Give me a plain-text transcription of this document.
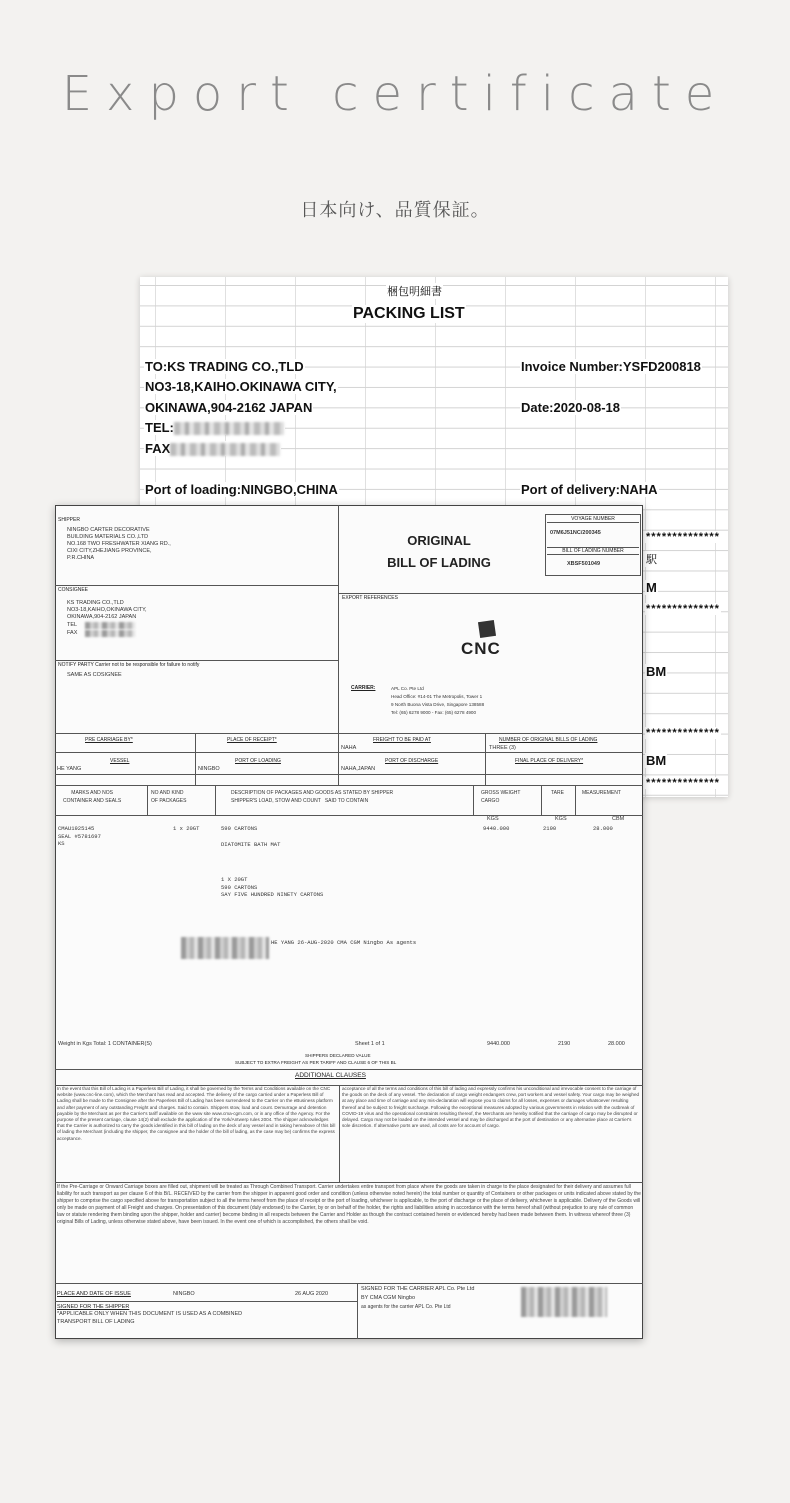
Export certificate
日本向け、品質保証。
梱包明細書
PACKING LIST
TO:KS TRADING CO.,TLD
NO3-18,KAIHO.OKINAWA CITY,
OKINAWA,904-2162 JAPAN
TEL:
FAX
Invoice Number:YSFD200818
Date:2020-08-18
Port of loading:NINGBO,CHINA	Port of delivery:NAHA
**************
駅
M
**************
BM
**************
BM
**************
SHIPPER
NINGBO CARTER DECORATIVE
BUILDING MATERIALS CO.,LTD
NO.168 TWO FRESHWATER XIANG RD.,
CIXI CITY,ZHEJIANG PROVINCE,
P.R.CHINA
ORIGINAL
BILL OF LADING
VOYAGE NUMBER
07M6J51NC/200345
BILL OF LADING NUMBER
XBSF501049
CONSIGNEE
KS TRADING CO.,TLD
NO3-18,KAIHO,OKINAWA CITY,
OKINAWA,904-2162 JAPAN
TEL
FAX
EXPORT REFERENCES
CNC
NOTIFY PARTY Carrier not to be responsible for failure to notify
SAME AS COSIGNEE
CARRIER:	APL Co. Pte Ltd
Head Office: #14-01 The Metropolis, Tower 1
9 North Buona Vista Drive, Singapore 138588
Tel: (65) 6278 9000 - Fax: (65) 6278 4900
PRE CARRIAGE BY*	PLACE OF RECEIPT*	FREIGHT TO BE PAID AT	NUMBER OF ORIGINAL BILLS OF LADING
NAHA	THREE (3)
VESSEL	PORT OF LOADING	PORT OF DISCHARGE	FINAL PLACE OF DELIVERY*
HE YANG	NINGBO	NAHA,JAPAN
MARKS AND NOS
CONTAINER AND SEALS
NO AND KIND
OF PACKAGES
DESCRIPTION OF PACKAGES AND GOODS AS STATED BY SHIPPER
SHIPPER'S LOAD, STOW AND COUNT   SAID TO CONTAIN
GROSS WEIGHT
CARGO
TARE	MEASUREMENT
KGS	KGS	CBM
CMAU1925145
SEAL #5781697
KS
1 x 20GT	590 CARTONS	9440.000	2190	28.000
DIATOMITE BATH MAT
1 X 20GT
590 CARTONS
SAY FIVE HUNDRED NINETY CARTONS
HE YANG 26-AUG-2020 CMA CGM Ningbo As agents
Weight in Kgs Total: 1 CONTAINER(S)	Sheet 1 of 1	9440.000	2190	28.000
SHIPPERS DECLARED VALUE
SUBJECT TO EXTRA FREIGHT AS PER TARIFF AND CLAUSE 6 OF THIS BL
ADDITIONAL CLAUSES
In the event that this Bill of Lading is a Paperless Bill of Lading, it shall be governed by the Terms and Conditions available on the CNC website (www.cnc-line.com), which the Merchant has read and accepted. The delivery of the cargo carried under a Paperless Bill of Lading shall be made to the Consignee after the Paperless Bill of Lading has been surrendered to the Carrier on the eBusiness platform and after payment of any outstanding Freight and charges. Said to contain. Shippers stow, load and count. Demurrage and detention payable by the Merchant as per the Carrier's tariff available on the www site www.cma-cgm.com, or in any office of the Agency. For the purpose of the present carriage, clause 14(2) shall exclude the application of the York/Antwerp rules 2004. The shipper acknowledges that the Carrier is authorized to carry the goods identified in this bill of lading on the deck of any vessel and in taking hereabove of this bill of lading the Merchant (including the shipper, the consignee and the holder of the bill of lading, as the case may be) confirms the express acceptance.
acceptance of all the terms and conditions of this bill of lading and expressly confirms his unconditional and irrevocable consent to the carriage of the goods on the deck of any vessel. The declaration of cargo weight endangers crew, port workers and vessel safety. Your cargo may be weighed at any place and time of carriage and any mis-declaration will expose you to claims for all losses, expenses or damages whatsoever resulting thereof and be subject to freight surcharge. Following the exceptional measures adopted by various governments in relation with the outbreak of COVID-19 virus and the operational constraints resulting thereof, the Merchants are hereby notified that the carriage of cargo may be disrupted or delayed. Cargo may not be loaded on the intended vessel and may be discharged at the port of destination or any alternative place at Carrier's sole discretion. If alternative ports are used, all costs are for account of cargo.
If the Pre-Carriage or Onward Carriage boxes are filled out, shipment will be treated as Through Combined Transport. Carrier undertakes entire transport from place where the goods are taken in charge to the place designated for their delivery and assumes full liability for such transport as per clause 6 of this B/L. RECEIVED by the carrier from the shipper in apparent good order and condition (unless otherwise noted herein) the total number or quantity of Containers or other packages or units indicated above stated by the shipper to comprise the cargo specified above for transportation subject to all the terms hereof from the place of receipt or the port of loading, whichever is applicable, to the port of discharge or the place of delivery, whichever is applicable. Delivery of the Goods will only be made on payment of all Freight and charges. On presentation of this document (duly endorsed) to the Carrier, by or on behalf of the holder, the rights and liabilities arising in accordance with the terms hereof shall (without prejudice to any rule of common law or statute rendering them binding upon the shipper, holder and carrier) become binding in all respects between the Carrier and Holder as though the contract contained herein or evidenced hereby had been made between them. In witness whereof three (3) original Bills of Lading, unless otherwise stated above, have been issued. In the event one of which is accomplished, the others shall be void.
PLACE AND DATE OF ISSUE	NINGBO	26 AUG 2020
SIGNED FOR THE SHIPPER
*APPLICABLE ONLY WHEN THIS DOCUMENT IS USED AS A COMBINED
TRANSPORT BILL OF LADING
SIGNED FOR THE CARRIER APL Co. Pte Ltd
BY CMA CGM Ningbo
as agents for the carrier APL Co. Pte Ltd
